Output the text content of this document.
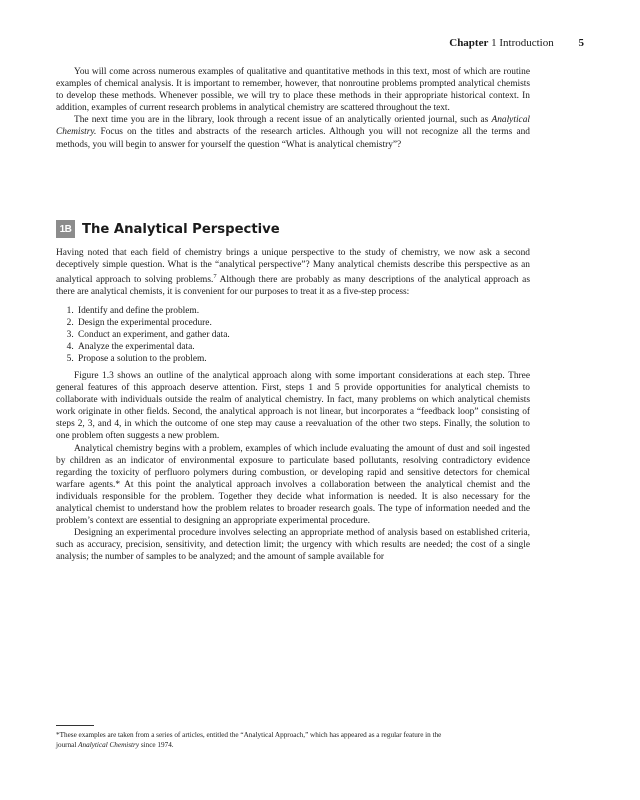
Chapter 1 Introduction 5

You will come across numerous examples of qualitative and quantitative methods in this text, most of which are routine examples of chemical analysis. It is important to remember, however, that nonroutine problems prompted analytical chemists to develop these methods. Whenever possible, we will try to place these methods in their appropriate historical context. In addition, examples of current research problems in analytical chemistry are scattered throughout the text.

The next time you are in the library, look through a recent issue of an analytically oriented journal, such as Analytical Chemistry. Focus on the titles and abstracts of the research articles. Although you will not recognize all the terms and methods, you will begin to answer for yourself the question “What is analytical chemistry”?

1B The Analytical Perspective

Having noted that each field of chemistry brings a unique perspective to the study of chemistry, we now ask a second deceptively simple question. What is the “analytical perspective”? Many analytical chemists describe this perspective as an analytical approach to solving problems.$^7$ Although there are probably as many descriptions of the analytical approach as there are analytical chemists, it is convenient for our purposes to treat it as a five-step process:

1. Identify and define the problem.
2. Design the experimental procedure.
3. Conduct an experiment, and gather data.
4. Analyze the experimental data.
5. Propose a solution to the problem.

Figure 1.3 shows an outline of the analytical approach along with some important considerations at each step. Three general features of this approach deserve attention. First, steps 1 and 5 provide opportunities for analytical chemists to collaborate with individuals outside the realm of analytical chemistry. In fact, many problems on which analytical chemists work originate in other fields. Second, the analytical approach is not linear, but incorporates a “feedback loop” consisting of steps 2, 3, and 4, in which the outcome of one step may cause a reevaluation of the other two steps. Finally, the solution to one problem often suggests a new problem.

Analytical chemistry begins with a problem, examples of which include evaluating the amount of dust and soil ingested by children as an indicator of environmental exposure to particulate based pollutants, resolving contradictory evidence regarding the toxicity of perfluoro polymers during combustion, or developing rapid and sensitive detectors for chemical warfare agents.* At this point the analytical approach involves a collaboration between the analytical chemist and the individuals responsible for the problem. Together they decide what information is needed. It is also necessary for the analytical chemist to understand how the problem relates to broader research goals. The type of information needed and the problem’s context are essential to designing an appropriate experimental procedure.

Designing an experimental procedure involves selecting an appropriate method of analysis based on established criteria, such as accuracy, precision, sensitivity, and detection limit; the urgency with which results are needed; the cost of a single analysis; the number of samples to be analyzed; and the amount of sample available for

*These examples are taken from a series of articles, entitled the “Analytical Approach,” which has appeared as a regular feature in the journal Analytical Chemistry since 1974.
